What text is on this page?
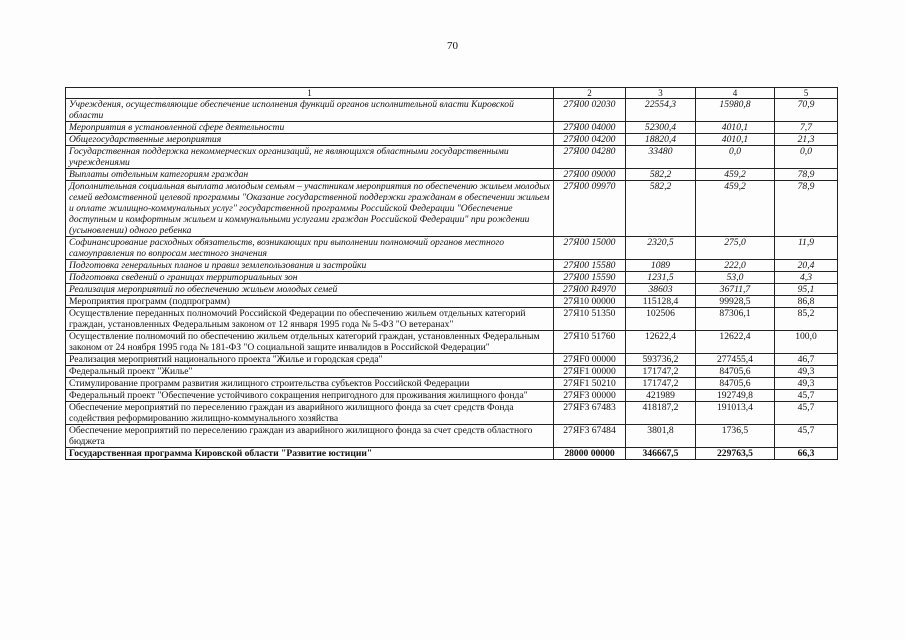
70
1	2	3	4	5
Учреждения, осуществляющие обеспечение исполнения функций органов исполнительной власти Кировской области	27Я00 02030	22554,3	15980,8	70,9
Мероприятия в установленной сфере деятельности	27Я00 04000	52300,4	4010,1	7,7
Общегосударственные мероприятия	27Я00 04200	18820,4	4010,1	21,3
Государственная поддержка некоммерческих организаций, не являющихся областными государственными учреждениями	27Я00 04280	33480	0,0	0,0
Выплаты отдельным категориям граждан	27Я00 09000	582,2	459,2	78,9
Дополнительная социальная выплата молодым семьям – участникам мероприятия по обеспечению жильем молодых семей ведомственной целевой программы "Оказание государственной поддержки гражданам в обеспечении жильем и оплате жилищно-коммунальных услуг" государственной программы Российской Федерации "Обеспечение доступным и комфортным жильем и коммунальными услугами граждан Российской Федерации" при рождении (усыновлении) одного ребенка	27Я00 09970	582,2	459,2	78,9
Софинансирование расходных обязательств, возникающих при выполнении полномочий органов местного самоуправления по вопросам местного значения	27Я00 15000	2320,5	275,0	11,9
Подготовка генеральных планов и правил землепользования и застройки	27Я00 15580	1089	222,0	20,4
Подготовка сведений о границах территориальных зон	27Я00 15590	1231,5	53,0	4,3
Реализация мероприятий по обеспечению жильем молодых семей	27Я00 R4970	38603	36711,7	95,1
Мероприятия программ (подпрограмм)	27Я10 00000	115128,4	99928,5	86,8
Осуществление переданных полномочий Российской Федерации по обеспечению жильем отдельных категорий граждан, установленных Федеральным законом от 12 января 1995 года № 5-ФЗ "О ветеранах"	27Я10 51350	102506	87306,1	85,2
Осуществление полномочий по обеспечению жильем отдельных категорий граждан, установленных Федеральным законом от 24 ноября 1995 года № 181-ФЗ "О социальной защите инвалидов в Российской Федерации"	27Я10 51760	12622,4	12622,4	100,0
Реализация мероприятий национального проекта "Жилье и городская среда"	27ЯF0 00000	593736,2	277455,4	46,7
Федеральный проект "Жилье"	27ЯF1 00000	171747,2	84705,6	49,3
Стимулирование программ развития жилищного строительства субъектов Российской Федерации	27ЯF1 50210	171747,2	84705,6	49,3
Федеральный проект "Обеспечение устойчивого сокращения непригодного для проживания жилищного фонда"	27ЯF3 00000	421989	192749,8	45,7
Обеспечение мероприятий по переселению граждан из аварийного жилищного фонда за счет средств Фонда содействия реформированию жилищно-коммунального хозяйства	27ЯF3 67483	418187,2	191013,4	45,7
Обеспечение мероприятий по переселению граждан из аварийного жилищного фонда за счет средств областного бюджета	27ЯF3 67484	3801,8	1736,5	45,7
Государственная программа Кировской области "Развитие юстиции"	28000 00000	346667,5	229763,5	66,3
